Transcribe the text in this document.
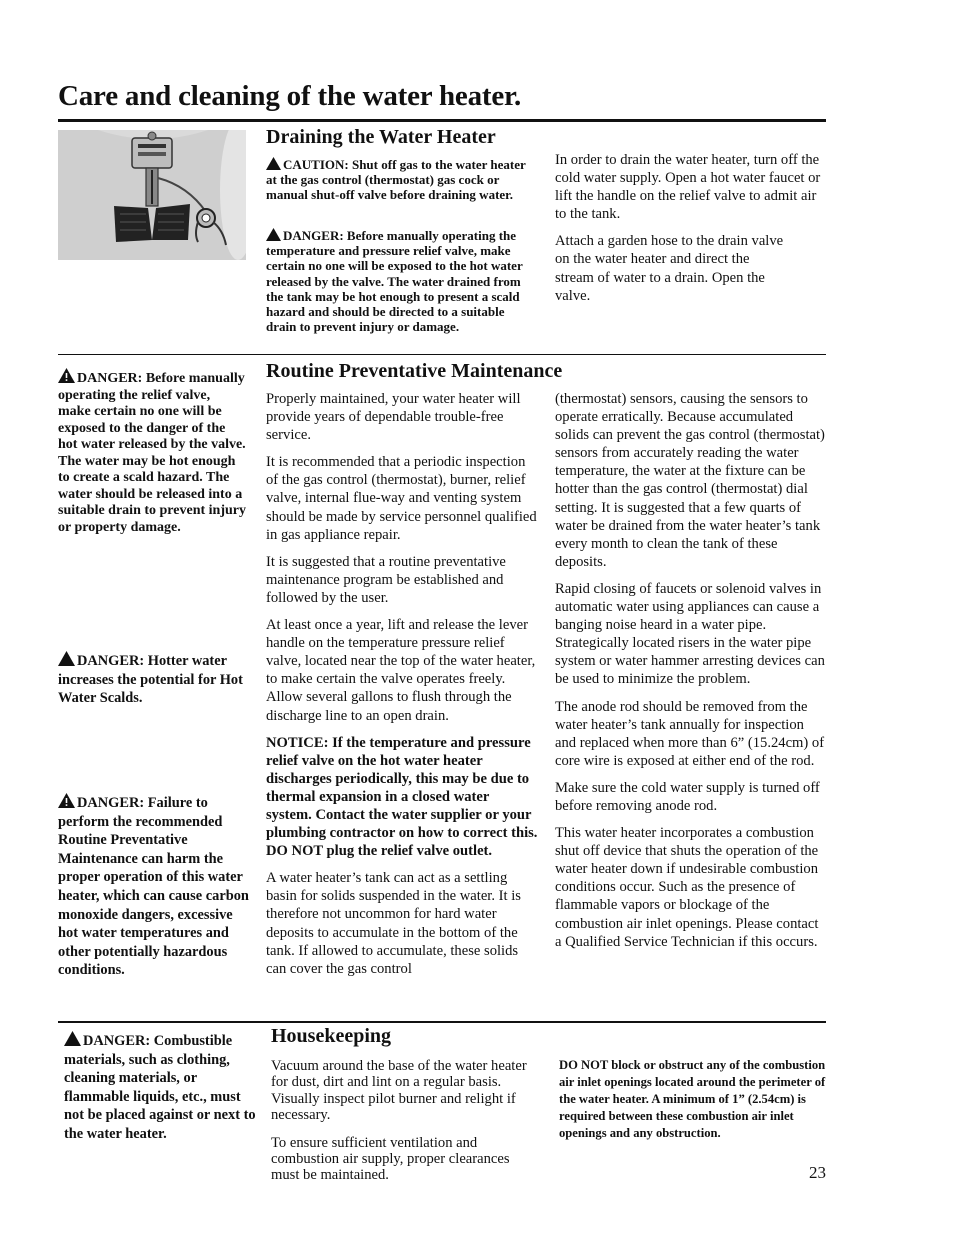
Care and cleaning of the water heater.
Draining the Water Heater

CAUTION: Shut off gas to the water heater at the gas control (thermostat) gas cock or manual shut-off valve before draining water.

DANGER: Before manually operating the temperature and pressure relief valve, make certain no one will be exposed to the hot water released by the valve. The water drained from the tank may be hot enough to present a scald hazard and should be directed to a suitable drain to prevent injury or damage.

In order to drain the water heater, turn off the cold water supply. Open a hot water faucet or lift the handle on the relief valve to admit air to the tank.

Attach a garden hose to the drain valve on the water heater and direct the stream of water to a drain. Open the valve.

DANGER: Before manually operating the relief valve, make certain no one will be exposed to the danger of the hot water released by the valve. The water may be hot enough to create a scald hazard. The water should be released into a suitable drain to prevent injury or property damage.

DANGER: Hotter water increases the potential for Hot Water Scalds.

DANGER: Failure to perform the recommended Routine Preventative Maintenance can harm the proper operation of this water heater, which can cause carbon monoxide dangers, excessive hot water temperatures and other potentially hazardous conditions.

Routine Preventative Maintenance

Properly maintained, your water heater will provide years of dependable trouble-free service.

It is recommended that a periodic inspection of the gas control (thermostat), burner, relief valve, internal flue-way and venting system should be made by service personnel qualified in gas appliance repair.

It is suggested that a routine preventative maintenance program be established and followed by the user.

At least once a year, lift and release the lever handle on the temperature pressure relief valve, located near the top of the water heater, to make certain the valve operates freely. Allow several gallons to flush through the discharge line to an open drain.

NOTICE: If the temperature and pressure relief valve on the hot water heater discharges periodically, this may be due to thermal expansion in a closed water system. Contact the water supplier or your plumbing contractor on how to correct this. DO NOT plug the relief valve outlet.

A water heater’s tank can act as a settling basin for solids suspended in the water. It is therefore not uncommon for hard water deposits to accumulate in the bottom of the tank. If allowed to accumulate, these solids can cover the gas control

(thermostat) sensors, causing the sensors to operate erratically. Because accumulated solids can prevent the gas control (thermostat) sensors from accurately reading the water temperature, the water at the fixture can be hotter than the gas control (thermostat) dial setting. It is suggested that a few quarts of water be drained from the water heater’s tank every month to clean the tank of these deposits.

Rapid closing of faucets or solenoid valves in automatic water using appliances can cause a banging noise heard in a water pipe. Strategically located risers in the water pipe system or water hammer arresting devices can be used to minimize the problem.

The anode rod should be removed from the water heater’s tank annually for inspection and replaced when more than 6” (15.24cm) of core wire is exposed at either end of the rod.

Make sure the cold water supply is turned off before removing anode rod.

This water heater incorporates a combustion shut off device that shuts the operation of the water heater down if undesirable combustion conditions occur. Such as the presence of flammable vapors or blockage of the combustion air inlet openings. Please contact a Qualified Service Technician if this occurs.

DANGER: Combustible materials, such as clothing, cleaning materials, or flammable liquids, etc., must not be placed against or next to the water heater.

Housekeeping

Vacuum around the base of the water heater for dust, dirt and lint on a regular basis. Visually inspect pilot burner and relight if necessary.

To ensure sufficient ventilation and combustion air supply, proper clearances must be maintained.

DO NOT block or obstruct any of the combustion air inlet openings located around the perimeter of the water heater. A minimum of 1” (2.54cm) is required between these combustion air inlet openings and any obstruction.

23
